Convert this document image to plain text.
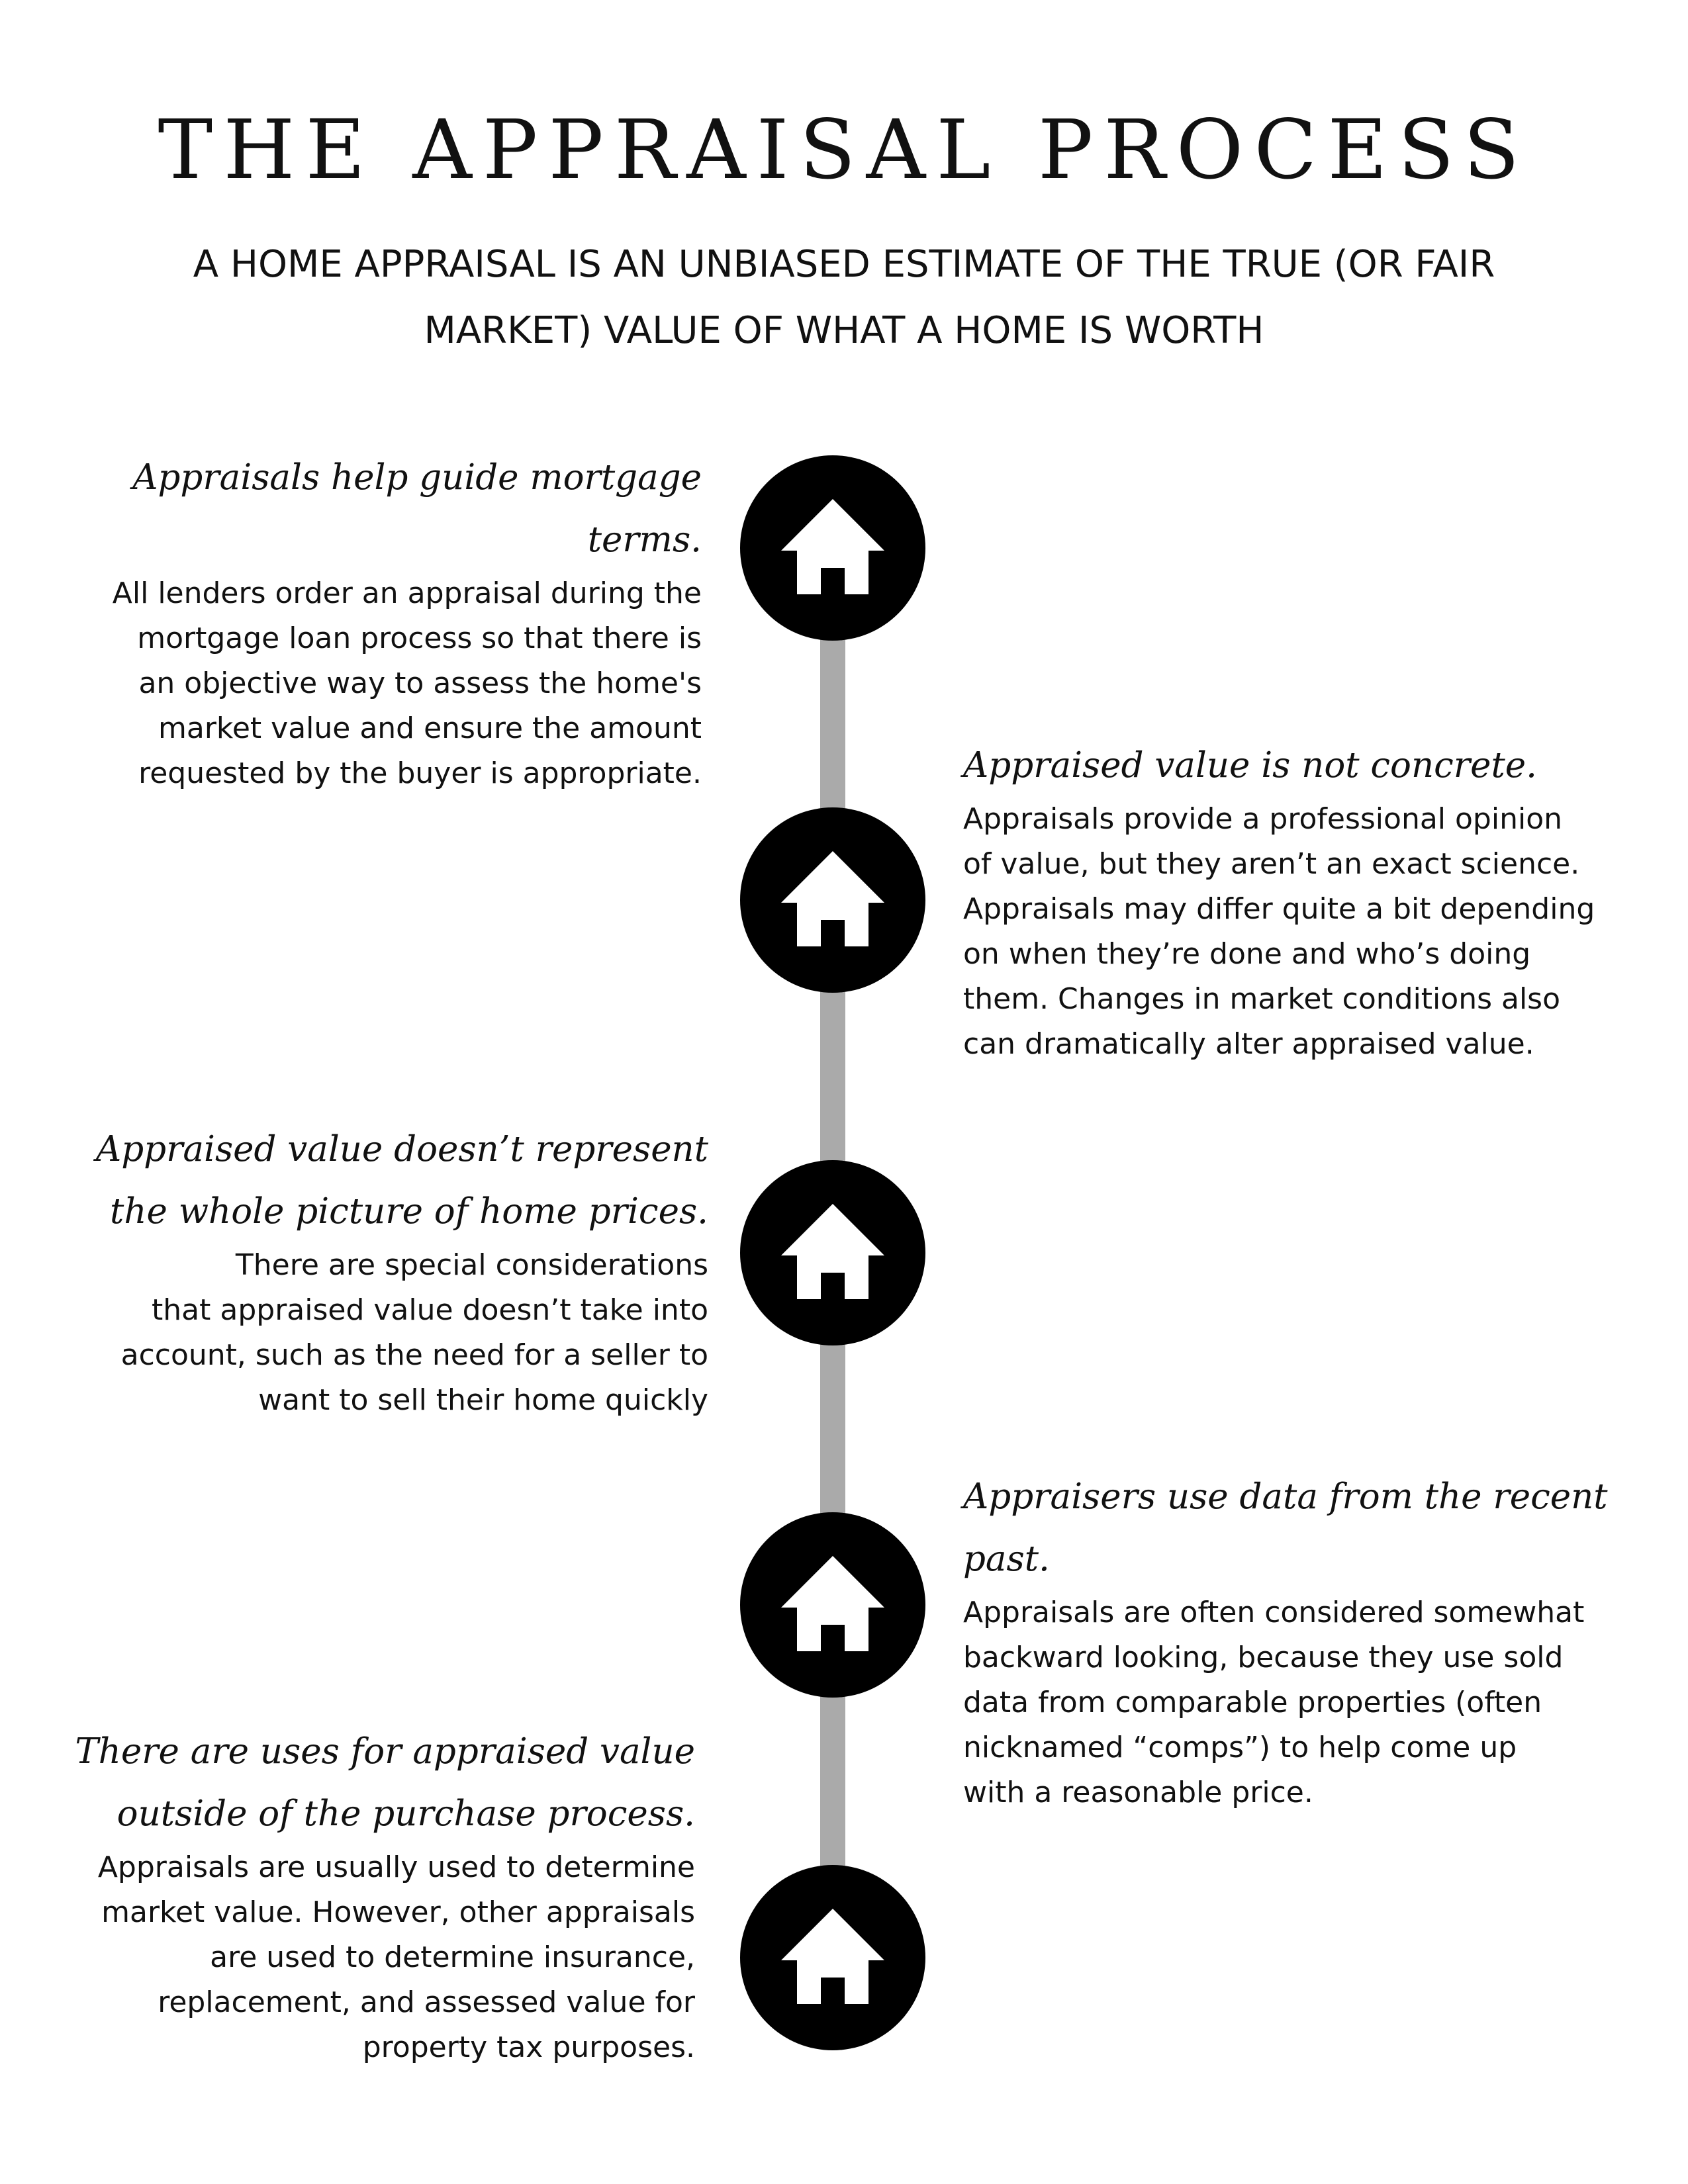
THE APPRAISAL PROCESS

A HOME APPRAISAL IS AN UNBIASED ESTIMATE OF THE TRUE (OR FAIR MARKET) VALUE OF WHAT A HOME IS WORTH

Appraisals help guide mortgage terms.

All lenders order an appraisal during the
mortgage loan process so that there is
an objective way to assess the home's
market value and ensure the amount
requested by the buyer is appropriate.	Appraised value is not concrete.

Appraisals provide a professional opinion
of value, but they aren’t an exact science.
Appraisals may differ quite a bit depending
on when they’re done and who’s doing
them. Changes in market conditions also
can dramatically alter appraised value.

Appraised value doesn’t represent
the whole picture of home prices.

There are special considerations
that appraised value doesn’t take into
account, such as the need for a seller to
want to sell their home quickly

Appraisers use data from the recent past.

Appraisals are often considered somewhat
backward looking, because they use sold
data from comparable properties (often
nicknamed “comps”) to help come up
with a reasonable price.

There are uses for appraised value
outside of the purchase process.

Appraisals are usually used to determine
market value. However, other appraisals
are used to determine insurance,
replacement, and assessed value for
property tax purposes.
